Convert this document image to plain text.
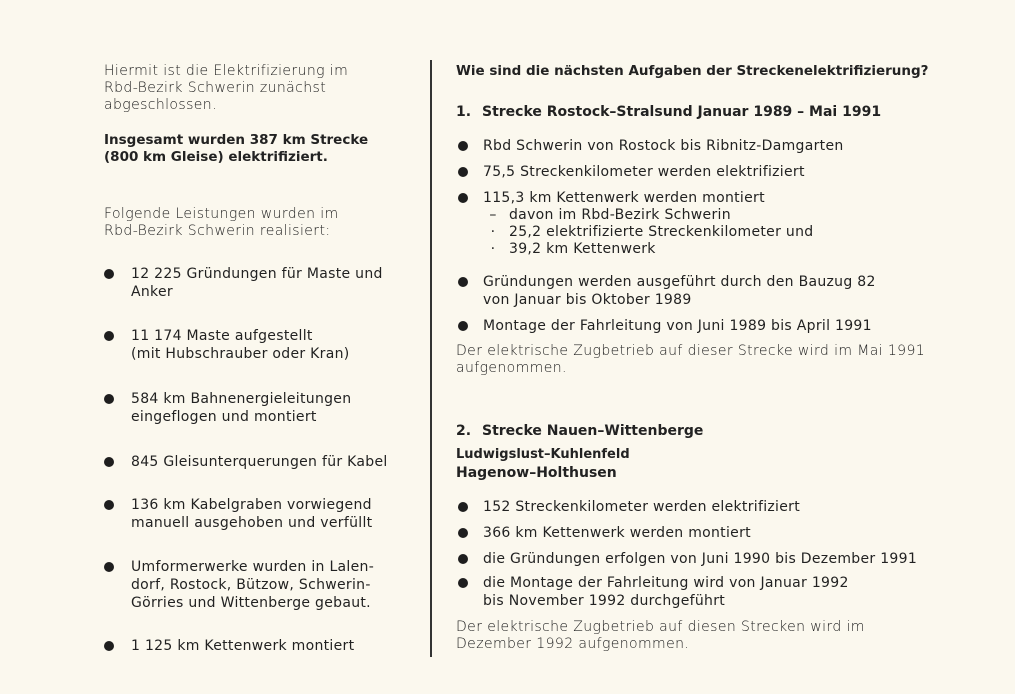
Hiermit ist die Elektrifizierung im

Rbd-Bezirk Schwerin zunächst

abgeschlossen.

Insgesamt wurden 387 km Strecke

(800 km Gleise) elektrifiziert.

Folgende Leistungen wurden im

Rbd-Bezirk Schwerin realisiert:

12 225 Gründungen für Maste und
Anker
11 174 Maste aufgestellt
(mit Hubschrauber oder Kran)
584 km Bahnenergieleitungen
eingeflogen und montiert
845 Gleisunterquerungen für Kabel
136 km Kabelgraben vorwiegend
manuell ausgehoben und verfüllt
Umformerwerke wurden in Lalen-
dorf, Rostock, Bützow, Schwerin-
Görries und Wittenberge gebaut.
1 125 km Kettenwerk montiert
Wie sind die nächsten Aufgaben der Streckenelektrifizierung?
1. Strecke Rostock–Stralsund Januar 1989 – Mai 1991
Rbd Schwerin von Rostock bis Ribnitz-Damgarten
75,5 Streckenkilometer werden elektrifiziert
115,3 km Kettenwerk werden montiert
– davon im Rbd-Bezirk Schwerin
· 25,2 elektrifizierte Streckenkilometer und
· 39,2 km Kettenwerk
Gründungen werden ausgeführt durch den Bauzug 82
von Januar bis Oktober 1989
Montage der Fahrleitung von Juni 1989 bis April 1991

Der elektrische Zugbetrieb auf dieser Strecke wird im Mai 1991

aufgenommen.

2. Strecke Nauen–Wittenberge
Ludwigslust–Kuhlenfeld
Hagenow–Holthusen
152 Streckenkilometer werden elektrifiziert
366 km Kettenwerk werden montiert
die Gründungen erfolgen von Juni 1990 bis Dezember 1991
die Montage der Fahrleitung wird von Januar 1992
bis November 1992 durchgeführt

Der elektrische Zugbetrieb auf diesen Strecken wird im

Dezember 1992 aufgenommen.
